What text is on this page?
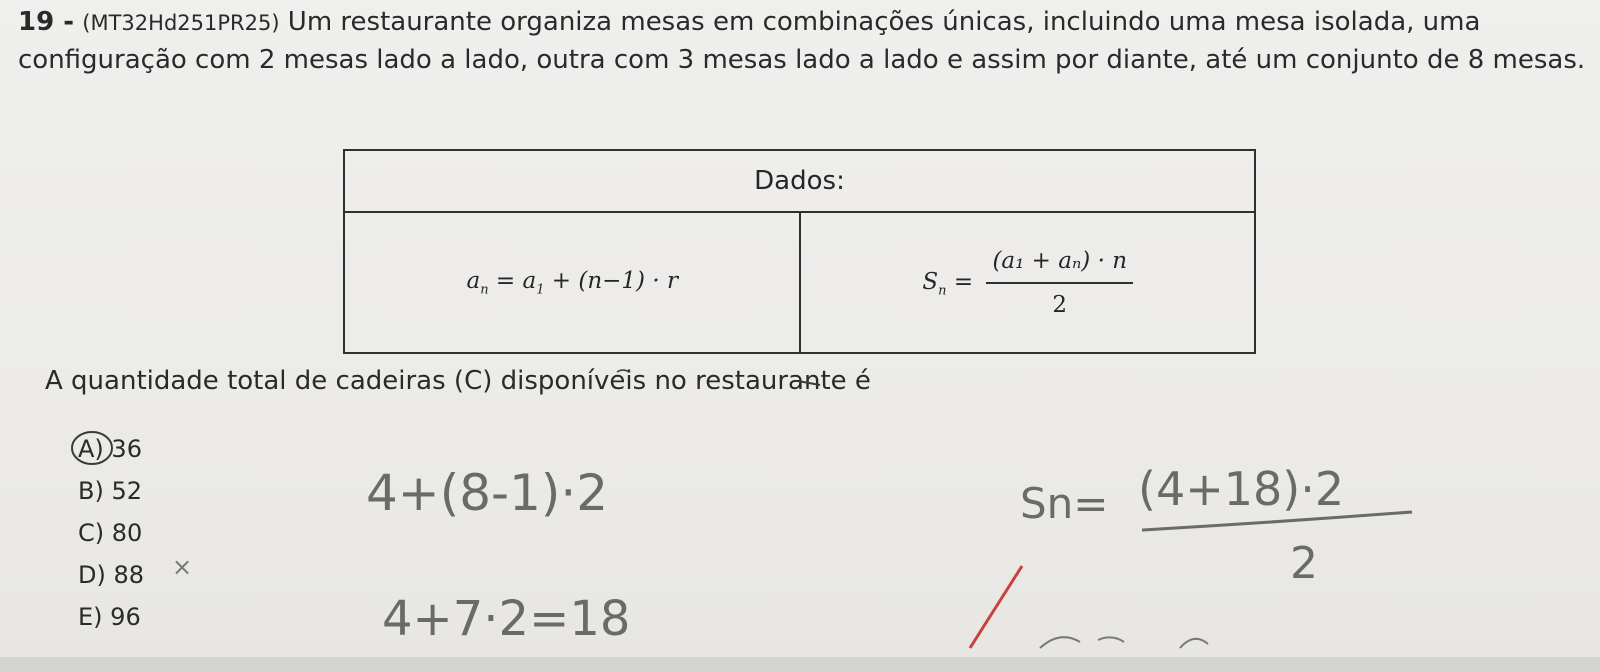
19 - (MT32Hd251PR25) Um restaurante organiza mesas em combinações únicas, incluindo uma mesa isolada, uma configuração com 2 mesas lado a lado, outra com 3 mesas lado a lado e assim por diante, até um conjunto de 8 mesas.
Dados:
$a_n = a_1 + (n-1) \cdot r$	$S_n = \frac{\text{(a₁ + aₙ) · n}}{2}$
A quantidade total de cadeiras (C) disponíveis no restaurante é
A) 36
B) 52
C) 80
D) 88
E) 96
×
4+(8-1)·2
4+7·2=18
Sn= (4+18)·2
2
